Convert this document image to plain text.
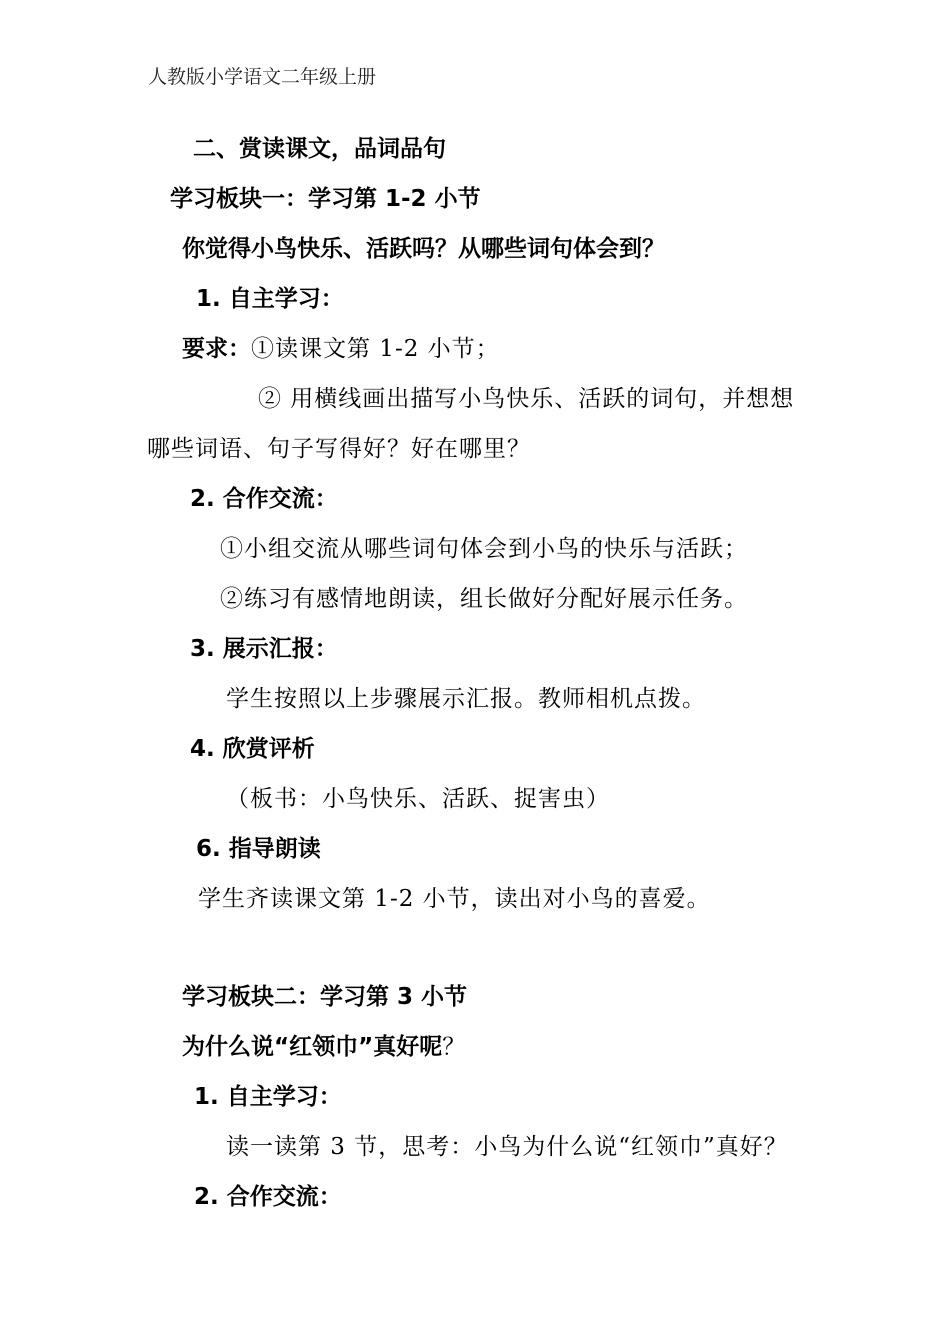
人教版小学语文二年级上册
二、赏读课文，品词品句
学习板块一：学习第 1-2 小节
你觉得小鸟快乐、活跃吗？从哪些词句体会到？
1. 自主学习：
要求：①读课文第 1-2 小节；
② 用横线画出描写小鸟快乐、活跃的词句，并想想
哪些词语、句子写得好？好在哪里？
2. 合作交流：
①小组交流从哪些词句体会到小鸟的快乐与活跃；
②练习有感情地朗读，组长做好分配好展示任务。
3. 展示汇报：
学生按照以上步骤展示汇报。教师相机点拨。
4. 欣赏评析
（板书：小鸟快乐、活跃、捉害虫）
6. 指导朗读
学生齐读课文第 1-2 小节，读出对小鸟的喜爱。
学习板块二：学习第 3 小节
为什么说“红领巾”真好呢？
1. 自主学习：
读一读第 3 节，思考：小鸟为什么说“红领巾”真好？
2. 合作交流：
